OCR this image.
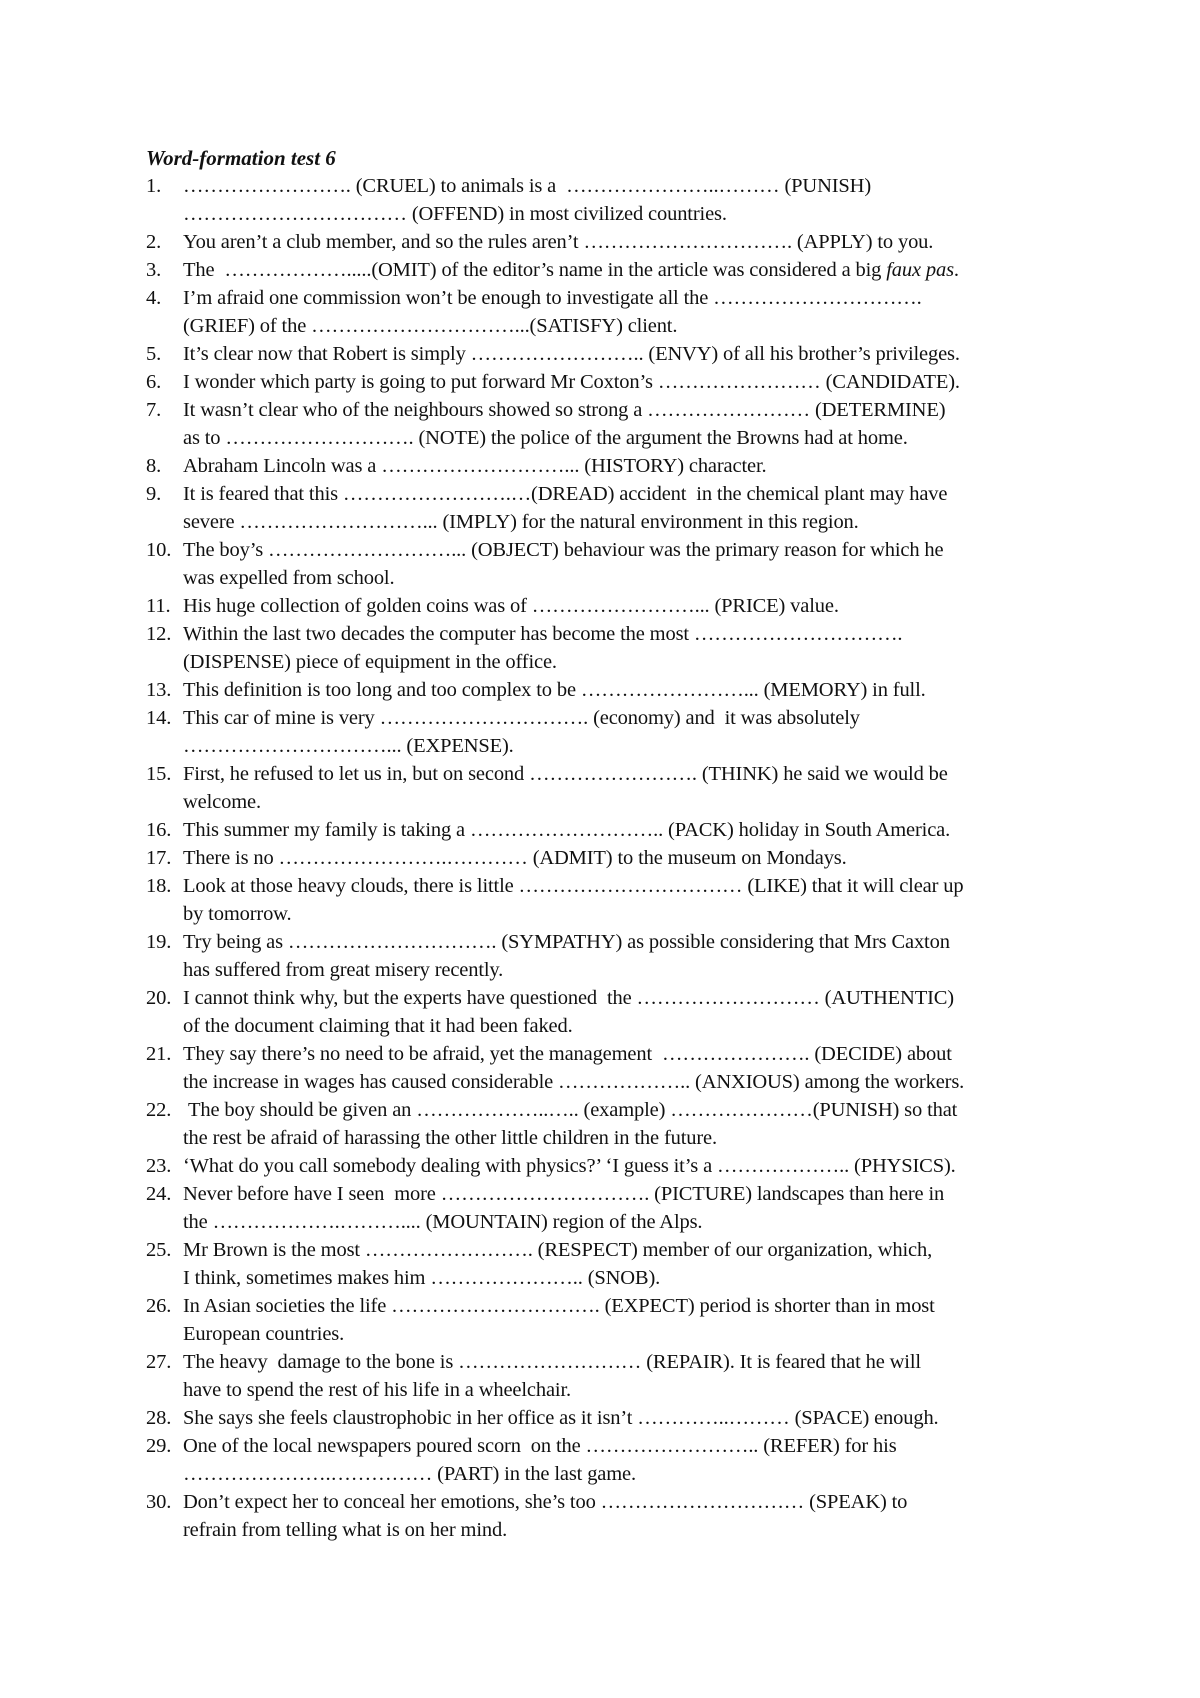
Word-formation test 6
1.	……………………. (CRUEL) to animals is a  …………………..……… (PUNISH)
…………………………… (OFFEND) in most civilized countries.
2.	You aren’t a club member, and so the rules aren’t …………………………. (APPLY) to you.
3.	The  ……………….....(OMIT) of the editor’s name in the article was considered a big faux pas.
4.	I’m afraid one commission won’t be enough to investigate all the ………………………….
(GRIEF) of the …………………………...(SATISFY) client.
5.	It’s clear now that Robert is simply …………………….. (ENVY) of all his brother’s privileges.
6.	I wonder which party is going to put forward Mr Coxton’s …………………… (CANDIDATE).
7.	It wasn’t clear who of the neighbours showed so strong a …………………… (DETERMINE)
as to ………………………. (NOTE) the police of the argument the Browns had at home.
8.	Abraham Lincoln was a ………………………... (HISTORY) character.
9.	It is feared that this …………………….…(DREAD) accident  in the chemical plant may have
severe ………………………... (IMPLY) for the natural environment in this region.
10. The boy’s ………………………... (OBJECT) behaviour was the primary reason for which he
was expelled from school.
11. His huge collection of golden coins was of ……………………... (PRICE) value.
12. Within the last two decades the computer has become the most ………………………….
(DISPENSE) piece of equipment in the office.
13. This definition is too long and too complex to be ……………………... (MEMORY) in full.
14. This car of mine is very …………………………. (economy) and  it was absolutely
…………………………... (EXPENSE).
15. First, he refused to let us in, but on second ……………………. (THINK) he said we would be
welcome.
16. This summer my family is taking a ……………………….. (PACK) holiday in South America.
17. There is no …………………….………… (ADMIT) to the museum on Mondays.
18. Look at those heavy clouds, there is little …………………………… (LIKE) that it will clear up
by tomorrow.
19. Try being as …………………………. (SYMPATHY) as possible considering that Mrs Caxton
has suffered from great misery recently.
20. I cannot think why, but the experts have questioned  the ……………………… (AUTHENTIC)
of the document claiming that it had been faked.
21. They say there’s no need to be afraid, yet the management  …………………. (DECIDE) about
the increase in wages has caused considerable ……………….. (ANXIOUS) among the workers.
22. The boy should be given an ………………..….. (example) …………………(PUNISH) so that
the rest be afraid of harassing the other little children in the future.
23. ‘What do you call somebody dealing with physics?’ ‘I guess it’s a ……………….. (PHYSICS).
24. Never before have I seen  more …………………………. (PICTURE) landscapes than here in
the ……………….……….... (MOUNTAIN) region of the Alps.
25. Mr Brown is the most ……………………. (RESPECT) member of our organization, which,
I think, sometimes makes him ………………….. (SNOB).
26. In Asian societies the life …………………………. (EXPECT) period is shorter than in most
European countries.
27. The heavy  damage to the bone is ……………………… (REPAIR). It is feared that he will
have to spend the rest of his life in a wheelchair.
28. She says she feels claustrophobic in her office as it isn’t …………..……… (SPACE) enough.
29. One of the local newspapers poured scorn  on the …………………….. (REFER) for his
………………….…………… (PART) in the last game.
30. Don’t expect her to conceal her emotions, she’s too ………………………… (SPEAK) to
refrain from telling what is on her mind.
